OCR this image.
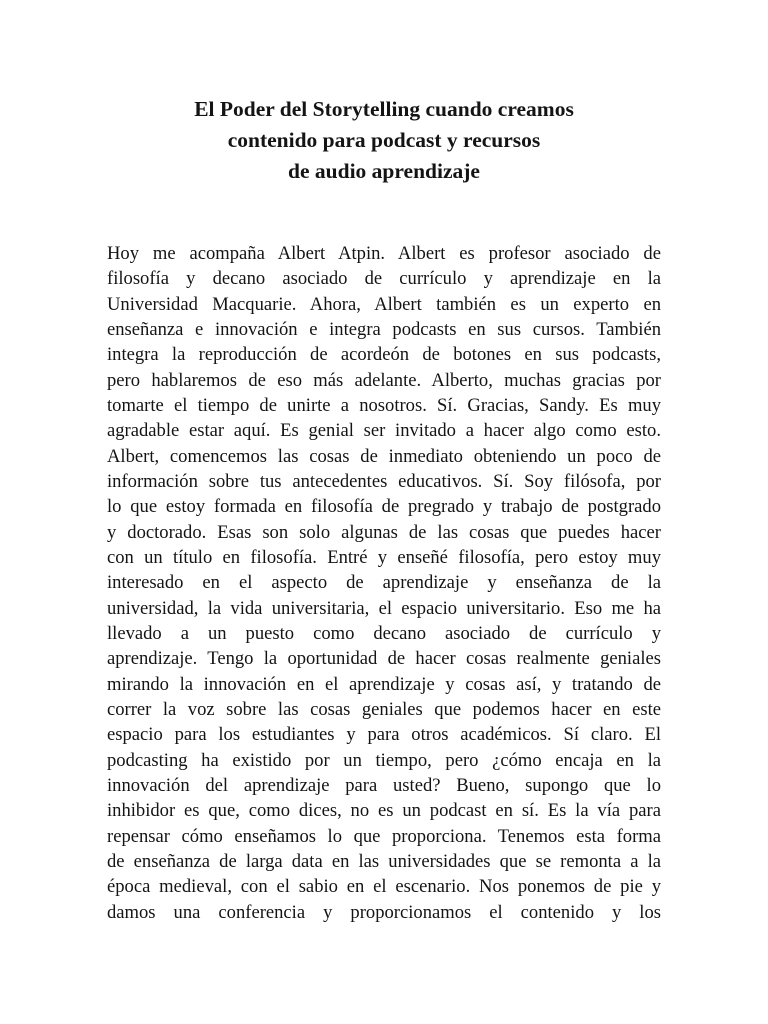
El Poder del Storytelling cuando creamos
contenido para podcast y recursos
de audio aprendizaje
Hoy me acompaña Albert Atpin. Albert es profesor asociado de
filosofía y decano asociado de currículo y aprendizaje en la
Universidad Macquarie. Ahora, Albert también es un experto en
enseñanza e innovación e integra podcasts en sus cursos. También
integra la reproducción de acordeón de botones en sus podcasts,
pero hablaremos de eso más adelante. Alberto, muchas gracias por
tomarte el tiempo de unirte a nosotros. Sí. Gracias, Sandy. Es muy
agradable estar aquí. Es genial ser invitado a hacer algo como esto.
Albert, comencemos las cosas de inmediato obteniendo un poco de
información sobre tus antecedentes educativos. Sí. Soy filósofa, por
lo que estoy formada en filosofía de pregrado y trabajo de postgrado
y doctorado. Esas son solo algunas de las cosas que puedes hacer
con un título en filosofía. Entré y enseñé filosofía, pero estoy muy
interesado en el aspecto de aprendizaje y enseñanza de la
universidad, la vida universitaria, el espacio universitario. Eso me ha
llevado a un puesto como decano asociado de currículo y
aprendizaje. Tengo la oportunidad de hacer cosas realmente geniales
mirando la innovación en el aprendizaje y cosas así, y tratando de
correr la voz sobre las cosas geniales que podemos hacer en este
espacio para los estudiantes y para otros académicos. Sí claro. El
podcasting ha existido por un tiempo, pero ¿cómo encaja en la
innovación del aprendizaje para usted? Bueno, supongo que lo
inhibidor es que, como dices, no es un podcast en sí. Es la vía para
repensar cómo enseñamos lo que proporciona. Tenemos esta forma
de enseñanza de larga data en las universidades que se remonta a la
época medieval, con el sabio en el escenario. Nos ponemos de pie y
damos una conferencia y proporcionamos el contenido y los
